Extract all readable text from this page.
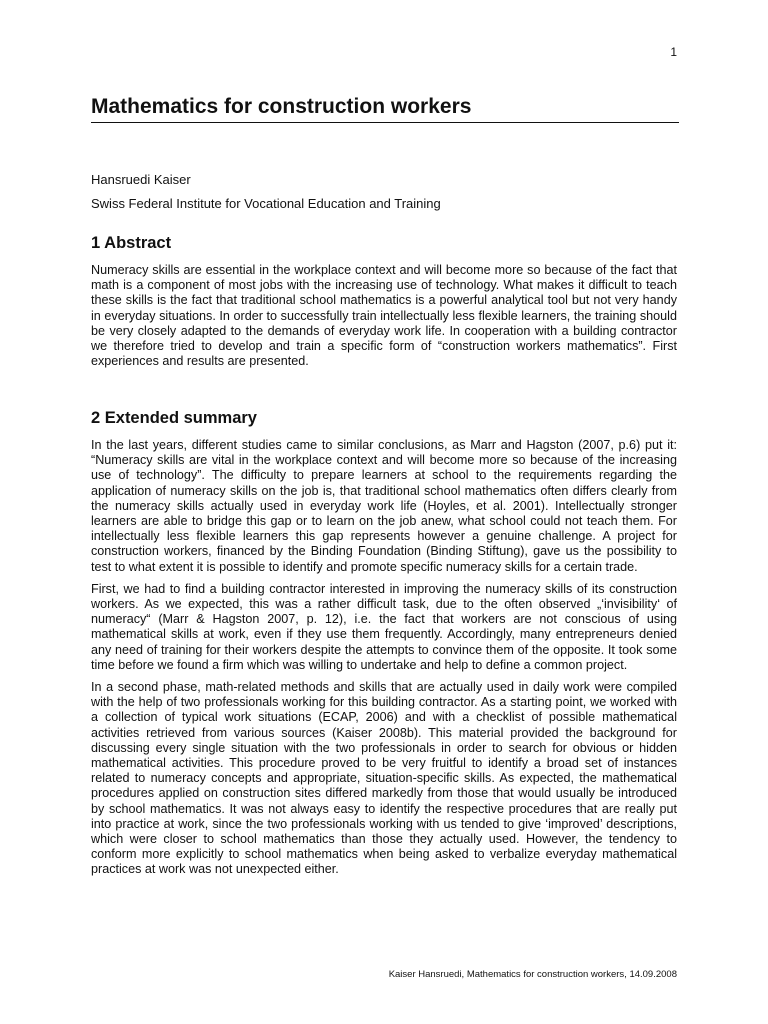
1
Mathematics for construction workers

Hansruedi Kaiser

Swiss Federal Institute for Vocational Education and Training

1 Abstract

Numeracy skills are essential in the workplace context and will become more so because of the fact that math is a component of most jobs with the increasing use of technology. What makes it difficult to teach these skills is the fact that traditional school mathematics is a powerful analytical tool but not very handy in everyday situations. In order to successfully train intellectually less flexible learners, the training should be very closely adapted to the demands of everyday work life. In cooperation with a building contractor we therefore tried to develop and train a specific form of “construction workers mathematics”. First experiences and results are presented.

2 Extended summary

In the last years, different studies came to similar conclusions, as Marr and Hagston (2007, p.6) put it: “Numeracy skills are vital in the workplace context and will become more so because of the increasing use of technology”. The difficulty to prepare learners at school to the requirements regarding the application of numeracy skills on the job is, that traditional school mathematics often differs clearly from the numeracy skills actually used in everyday work life (Hoyles, et al. 2001). Intellectually stronger learners are able to bridge this gap or to learn on the job anew, what school could not teach them. For intellectually less flexible learners this gap represents however a genuine challenge. A project for construction workers, financed by the Binding Foundation (Binding Stiftung), gave us the possibility to test to what extent it is possible to identify and promote specific numeracy skills for a certain trade.

First, we had to find a building contractor interested in improving the numeracy skills of its construction workers. As we expected, this was a rather difficult task, due to the often observed „‘invisibility‘ of numeracy“ (Marr & Hagston 2007, p. 12), i.e. the fact that workers are not conscious of using mathematical skills at work, even if they use them frequently. Accordingly, many entrepreneurs denied any need of training for their workers despite the attempts to convince them of the opposite. It took some time before we found a firm which was willing to undertake and help to define a common project.

In a second phase, math-related methods and skills that are actually used in daily work were compiled with the help of two professionals working for this building contractor. As a starting point, we worked with a collection of typical work situations (ECAP, 2006) and with a checklist of possible mathematical activities retrieved from various sources (Kaiser 2008b). This material provided the background for discussing every single situation with the two professionals in order to search for obvious or hidden mathematical activities. This procedure proved to be very fruitful to identify a broad set of instances related to numeracy concepts and appropriate, situation-specific skills. As expected, the mathematical procedures applied on construction sites differed markedly from those that would usually be introduced by school mathematics. It was not always easy to identify the respective procedures that are really put into practice at work, since the two professionals working with us tended to give ‘improved’ descriptions, which were closer to school mathematics than those they actually used. However, the tendency to conform more explicitly to school mathematics when being asked to verbalize everyday mathematical practices at work was not unexpected either.

Kaiser Hansruedi, Mathematics for construction workers, 14.09.2008
